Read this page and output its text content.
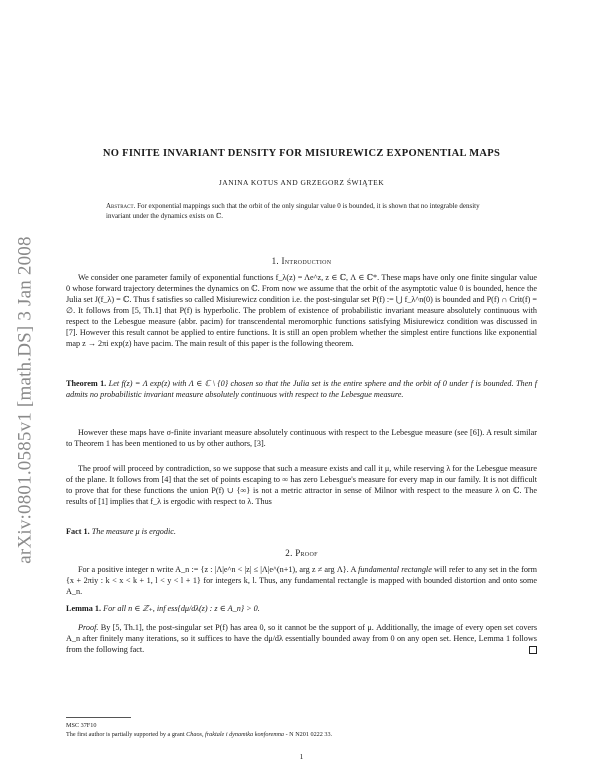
arXiv:0801.0585v1 [math.DS] 3 Jan 2008
NO FINITE INVARIANT DENSITY FOR MISIUREWICZ EXPONENTIAL MAPS
JANINA KOTUS AND GRZEGORZ ŚWIĄTEK
Abstract. For exponential mappings such that the orbit of the only singular value 0 is bounded, it is shown that no integrable density invariant under the dynamics exists on ℂ.
1. Introduction

We consider one parameter family of exponential functions f_λ(z) = Λe^z, z ∈ ℂ, Λ ∈ ℂ*. These maps have only one finite singular value 0 whose forward trajectory determines the dynamics on ℂ. From now we assume that the orbit of the asymptotic value 0 is bounded, hence the Julia set J(f_λ) = ℂ. Thus f satisfies so called Misiurewicz condition i.e. the post-singular set P(f) := ⋃ f_λ^n(0) is bounded and P(f) ∩ Crit(f) = ∅. It follows from [5, Th.1] that P(f) is hyperbolic. The problem of existence of probabilistic invariant measure absolutely continuous with respect to the Lebesgue measure (abbr. pacim) for transcendental meromorphic functions satisfying Misiurewicz condition was discussed in [7]. However this result cannot be applied to entire functions. It is still an open problem whether the simplest entire functions like exponential map z → 2πi exp(z) have pacim. The main result of this paper is the following theorem.

Theorem 1. Let f(z) = Λ exp(z) with Λ ∈ ℂ \ {0} chosen so that the Julia set is the entire sphere and the orbit of 0 under f is bounded. Then f admits no probabilistic invariant measure absolutely continuous with respect to the Lebesgue measure.

However these maps have σ-finite invariant measure absolutely continuous with respect to the Lebesgue measure (see [6]). A result similar to Theorem 1 has been mentioned to us by other authors, [3].

The proof will proceed by contradiction, so we suppose that such a measure exists and call it μ, while reserving λ for the Lebesgue measure of the plane. It follows from [4] that the set of points escaping to ∞ has zero Lebesgue's measure for every map in our family. It is not difficult to prove that for these functions the union P(f) ∪ {∞} is not a metric attractor in sense of Milnor with respect to the measure λ on ℂ. The results of [1] implies that f_λ is ergodic with respect to λ. Thus

Fact 1. The measure μ is ergodic.

2. Proof

For a positive integer n write A_n := {z : |Λ|e^n < |z| ≤ |Λ|e^(n+1), arg z ≠ arg Λ}. A fundamental rectangle will refer to any set in the form {x + 2πiy : k < x < k + 1, l < y < l + 1} for integers k, l. Thus, any fundamental rectangle is mapped with bounded distortion and onto some A_n.

Lemma 1. For all n ∈ ℤ₊, inf ess{dμ/dλ(z) : z ∈ A_n} > 0.

Proof. By [5, Th.1], the post-singular set P(f) has area 0, so it cannot be the support of μ. Additionally, the image of every open set covers A_n after finitely many iterations, so it suffices to have the dμ/dλ essentially bounded away from 0 on any open set. Hence, Lemma 1 follows from the following fact.

MSC 37F10
The first author is partially supported by a grant Chaos, fraktale i dynamika konforemna - N N201 0222 33.
1
